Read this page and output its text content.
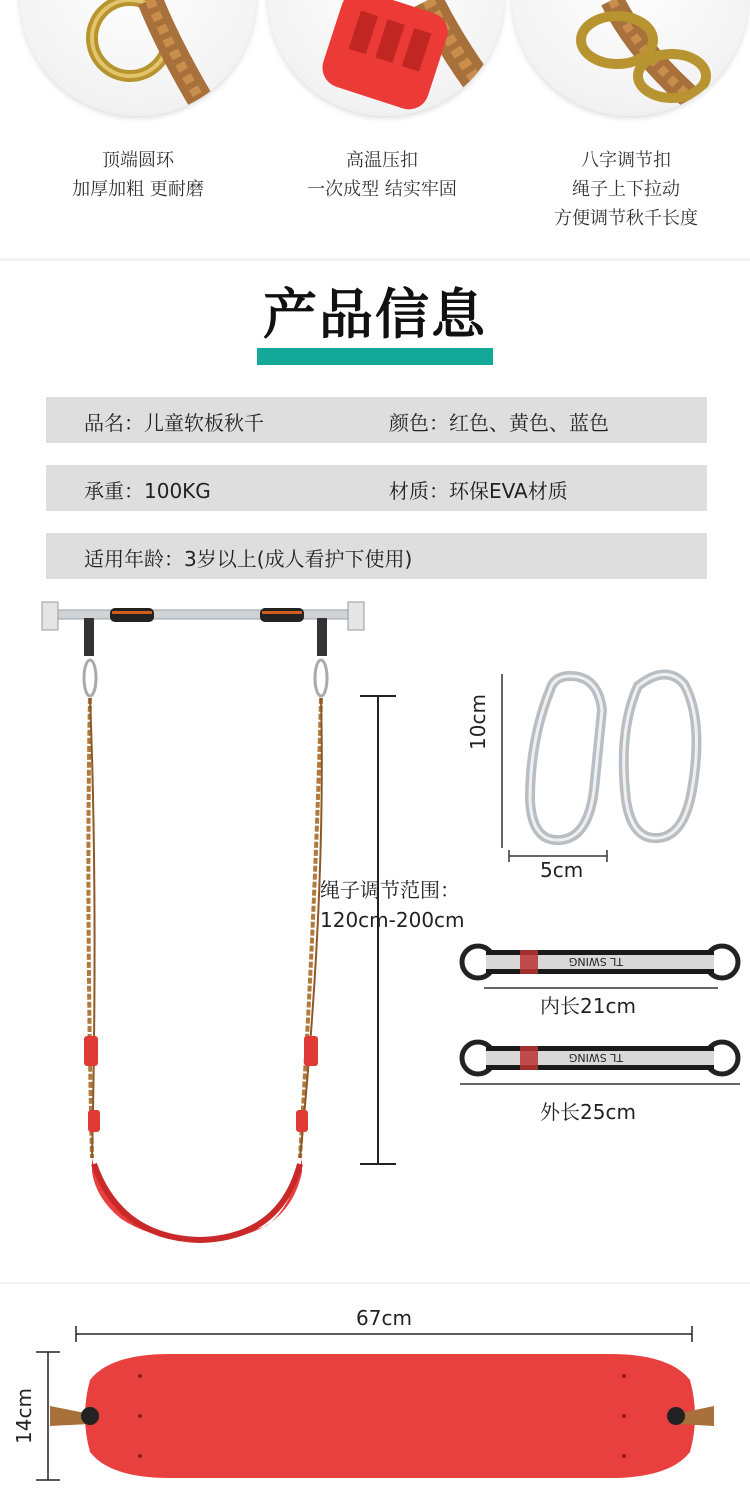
顶端圆环
加厚加粗 更耐磨
高温压扣
一次成型 结实牢固
八字调节扣
绳子上下拉动
方便调节秋千长度
产品信息
品名：儿童软板秋千	颜色：红色、黄色、蓝色
承重：100KG	材质：环保EVA材质
适用年龄：3岁以上(成人看护下使用)
绳子调节范围：
120cm-200cm
10cm
5cm
TL SWING
内长21cm
TL SWING
外长25cm
67cm
14cm
